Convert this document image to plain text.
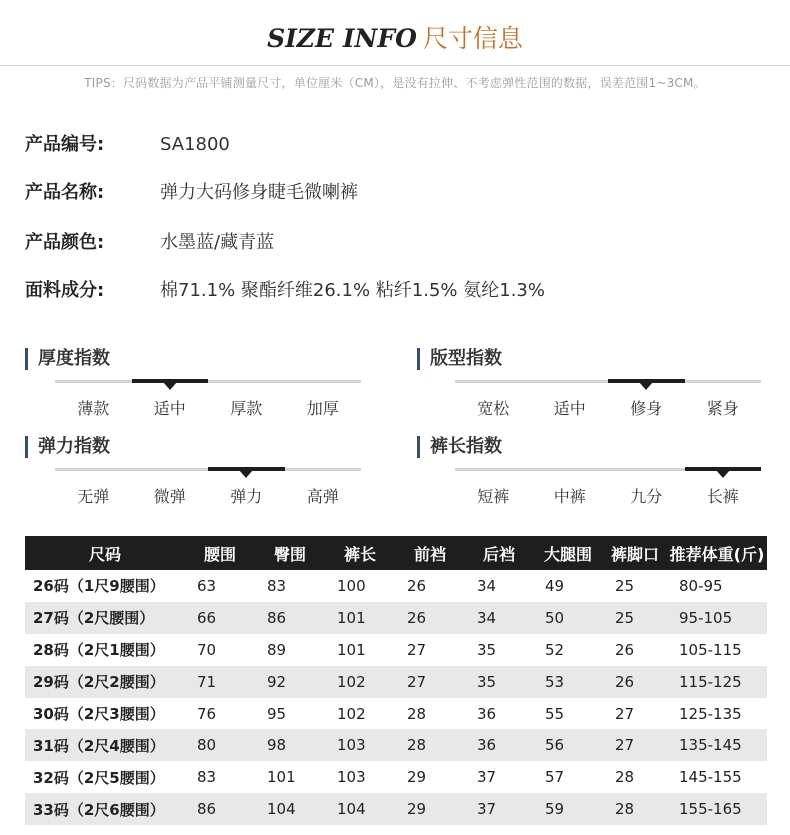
SIZE INFO 尺寸信息
TIPS：尺码数据为产品平铺测量尺寸，单位厘米（CM），是没有拉伸、不考虑弹性范围的数据，误差范围1~3CM。
产品编号:	SA1800
产品名称:	弹力大码修身睫毛微喇裤
产品颜色:	水墨蓝/藏青蓝
面料成分:	棉71.1% 聚酯纤维26.1% 粘纤1.5% 氨纶1.3%
厚度指数
薄款	适中	厚款	加厚
版型指数
宽松	适中	修身	紧身
弹力指数
无弹	微弹	弹力	高弹
裤长指数
短裤	中裤	九分	长裤
尺码	腰围	臀围	裤长	前裆	后裆	大腿围	裤脚口	推荐体重(斤)
26码（1尺9腰围）	63	83	100	26	34	49	25	80-95
27码（2尺腰围）	66	86	101	26	34	50	25	95-105
28码（2尺1腰围）	70	89	101	27	35	52	26	105-115
29码（2尺2腰围）	71	92	102	27	35	53	26	115-125
30码（2尺3腰围）	76	95	102	28	36	55	27	125-135
31码（2尺4腰围）	80	98	103	28	36	56	27	135-145
32码（2尺5腰围）	83	101	103	29	37	57	28	145-155
33码（2尺6腰围）	86	104	104	29	37	59	28	155-165
